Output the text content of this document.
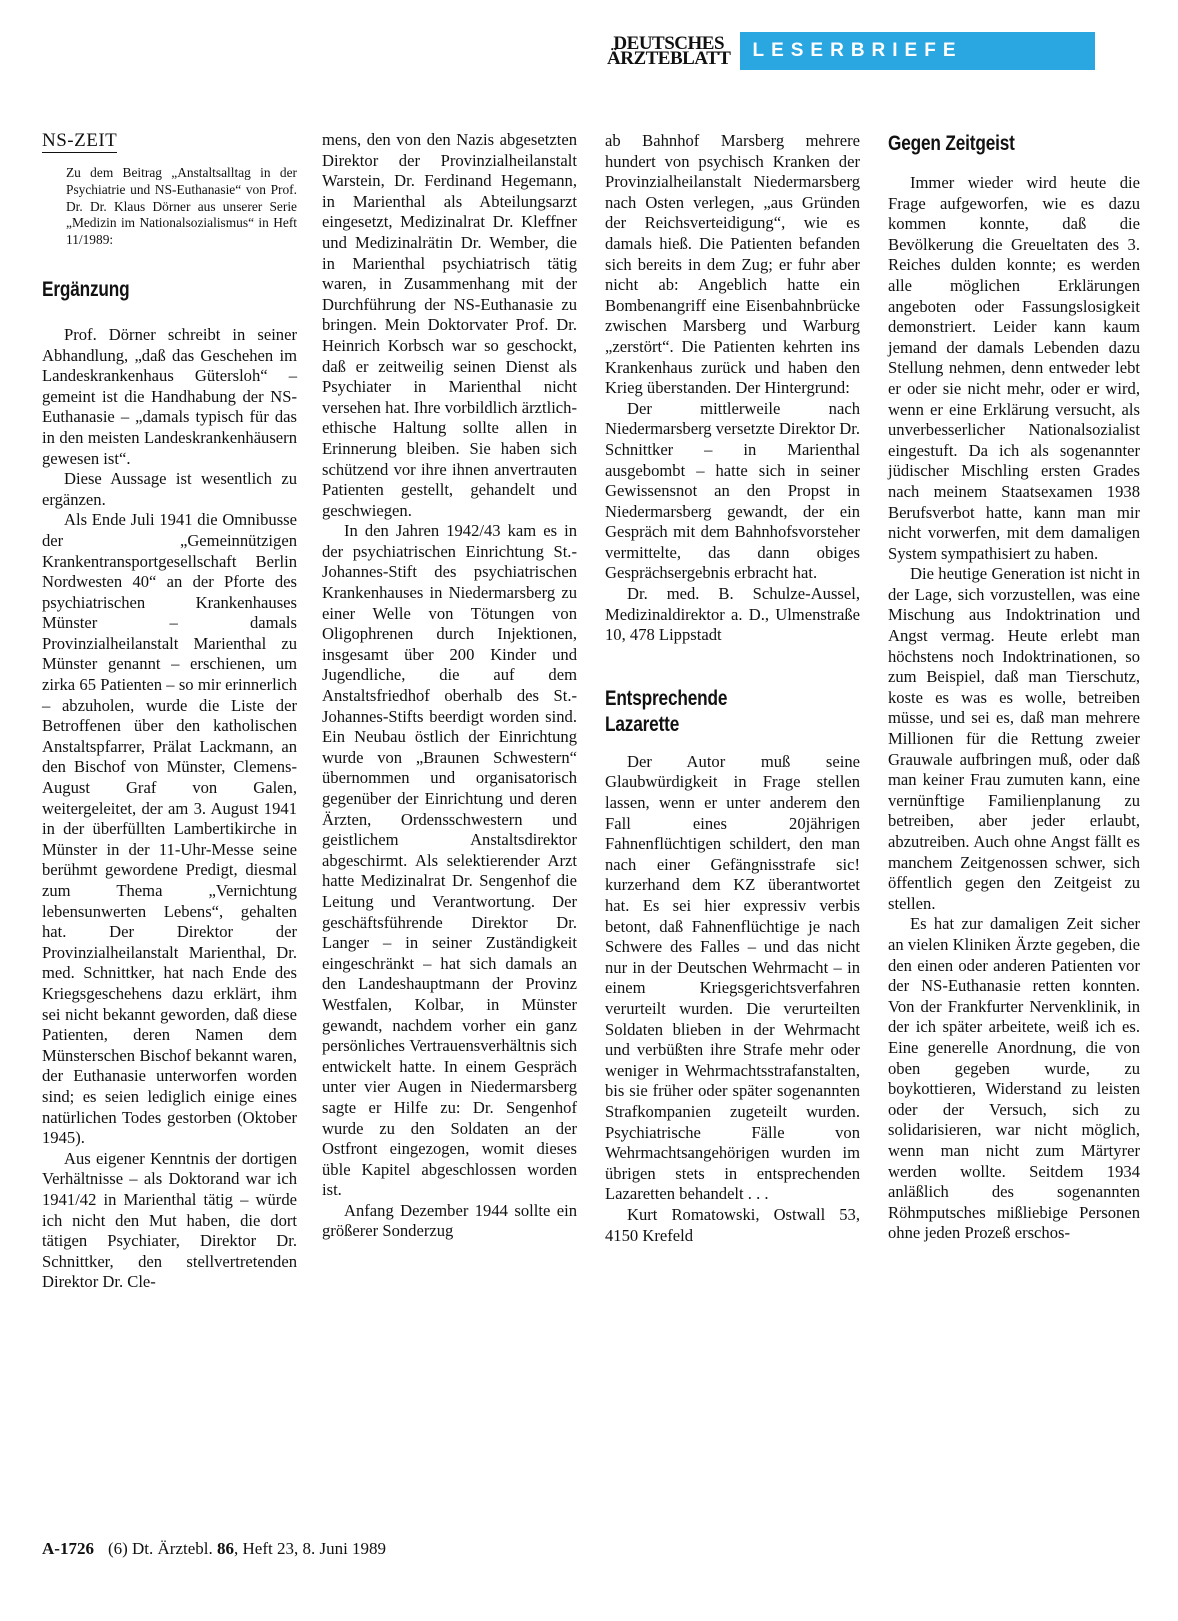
DEUTSCHES
ÄRZTEBLATT	LESERBRIEFE
NS-ZEIT
Zu dem Beitrag „Anstaltsalltag in der Psychiatrie und NS-Euthanasie“ von Prof. Dr. Dr. Klaus Dörner aus unserer Serie „Medizin im Nationalsozialismus“ in Heft 11/1989:
Ergänzung

Prof. Dörner schreibt in seiner Abhandlung, „daß das Geschehen im Landeskrankenhaus Gütersloh“ – gemeint ist die Handhabung der NS-Euthanasie – „damals typisch für das in den meisten Landeskrankenhäusern gewesen ist“.

Diese Aussage ist wesentlich zu ergänzen.

Als Ende Juli 1941 die Omnibusse der „Gemeinnützigen Krankentransportgesellschaft Berlin Nordwesten 40“ an der Pforte des psychiatrischen Krankenhauses Münster – damals Provinzialheilanstalt Marienthal zu Münster genannt – erschienen, um zirka 65 Patienten – so mir erinnerlich – abzuholen, wurde die Liste der Betroffenen über den katholischen Anstaltspfarrer, Prälat Lackmann, an den Bischof von Münster, Clemens-August Graf von Galen, weitergeleitet, der am 3. August 1941 in der überfüllten Lambertikirche in Münster in der 11-Uhr-Messe seine berühmt gewordene Predigt, diesmal zum Thema „Vernichtung lebensunwerten Lebens“, gehalten hat. Der Direktor der Provinzialheilanstalt Marienthal, Dr. med. Schnittker, hat nach Ende des Kriegsgeschehens dazu erklärt, ihm sei nicht bekannt geworden, daß diese Patienten, deren Namen dem Münsterschen Bischof bekannt waren, der Euthanasie unterworfen worden sind; es seien lediglich einige eines natürlichen Todes gestorben (Oktober 1945).

Aus eigener Kenntnis der dortigen Verhältnisse – als Doktorand war ich 1941/42 in Marienthal tätig – würde ich nicht den Mut haben, die dort tätigen Psychiater, Direktor Dr. Schnittker, den stellvertretenden Direktor Dr. Cle-

mens, den von den Nazis abgesetzten Direktor der Provinzialheilanstalt Warstein, Dr. Ferdinand Hegemann, in Marienthal als Abteilungsarzt eingesetzt, Medizinalrat Dr. Kleffner und Medizinalrätin Dr. Wember, die in Marienthal psychiatrisch tätig waren, in Zusammenhang mit der Durchführung der NS-Euthanasie zu bringen. Mein Doktorvater Prof. Dr. Heinrich Korbsch war so geschockt, daß er zeitweilig seinen Dienst als Psychiater in Marienthal nicht versehen hat. Ihre vorbildlich ärztlich-ethische Haltung sollte allen in Erinnerung bleiben. Sie haben sich schützend vor ihre ihnen anvertrauten Patienten gestellt, gehandelt und geschwiegen.

In den Jahren 1942/43 kam es in der psychiatrischen Einrichtung St.-Johannes-Stift des psychiatrischen Krankenhauses in Niedermarsberg zu einer Welle von Tötungen von Oligophrenen durch Injektionen, insgesamt über 200 Kinder und Jugendliche, die auf dem Anstaltsfriedhof oberhalb des St.-Johannes-Stifts beerdigt worden sind. Ein Neubau östlich der Einrichtung wurde von „Braunen Schwestern“ übernommen und organisatorisch gegenüber der Einrichtung und deren Ärzten, Ordensschwestern und geistlichem Anstaltsdirektor abgeschirmt. Als selektierender Arzt hatte Medizinalrat Dr. Sengenhof die Leitung und Verantwortung. Der geschäftsführende Direktor Dr. Langer – in seiner Zuständigkeit eingeschränkt – hat sich damals an den Landeshauptmann der Provinz Westfalen, Kolbar, in Münster gewandt, nachdem vorher ein ganz persönliches Vertrauensverhältnis sich entwickelt hatte. In einem Gespräch unter vier Augen in Niedermarsberg sagte er Hilfe zu: Dr. Sengenhof wurde zu den Soldaten an der Ostfront eingezogen, womit dieses üble Kapitel abgeschlossen worden ist.

Anfang Dezember 1944 sollte ein größerer Sonderzug

ab Bahnhof Marsberg mehrere hundert von psychisch Kranken der Provinzialheilanstalt Niedermarsberg nach Osten verlegen, „aus Gründen der Reichsverteidigung“, wie es damals hieß. Die Patienten befanden sich bereits in dem Zug; er fuhr aber nicht ab: Angeblich hatte ein Bombenangriff eine Eisenbahnbrücke zwischen Marsberg und Warburg „zerstört“. Die Patienten kehrten ins Krankenhaus zurück und haben den Krieg überstanden. Der Hintergrund:

Der mittlerweile nach Niedermarsberg versetzte Direktor Dr. Schnittker – in Marienthal ausgebombt – hatte sich in seiner Gewissensnot an den Propst in Niedermarsberg gewandt, der ein Gespräch mit dem Bahnhofsvorsteher vermittelte, das dann obiges Gesprächsergebnis erbracht hat.

Dr. med. B. Schulze-Aussel, Medizinaldirektor a. D., Ulmenstraße 10, 478 Lippstadt

Entsprechende
Lazarette

Der Autor muß seine Glaubwürdigkeit in Frage stellen lassen, wenn er unter anderem den Fall eines 20jährigen Fahnenflüchtigen schildert, den man nach einer Gefängnisstrafe sic! kurzerhand dem KZ überantwortet hat. Es sei hier expressiv verbis betont, daß Fahnenflüchtige je nach Schwere des Falles – und das nicht nur in der Deutschen Wehrmacht – in einem Kriegsgerichtsverfahren verurteilt wurden. Die verurteilten Soldaten blieben in der Wehrmacht und verbüßten ihre Strafe mehr oder weniger in Wehrmachtsstrafanstalten, bis sie früher oder später sogenannten Strafkompanien zugeteilt wurden. Psychiatrische Fälle von Wehrmachtsangehörigen wurden im übrigen stets in entsprechenden Lazaretten behandelt . . .

Kurt Romatowski, Ostwall 53, 4150 Krefeld

Gegen Zeitgeist

Immer wieder wird heute die Frage aufgeworfen, wie es dazu kommen konnte, daß die Bevölkerung die Greueltaten des 3. Reiches dulden konnte; es werden alle möglichen Erklärungen angeboten oder Fassungslosigkeit demonstriert. Leider kann kaum jemand der damals Lebenden dazu Stellung nehmen, denn entweder lebt er oder sie nicht mehr, oder er wird, wenn er eine Erklärung versucht, als unverbesserlicher Nationalsozialist eingestuft. Da ich als sogenannter jüdischer Mischling ersten Grades nach meinem Staatsexamen 1938 Berufsverbot hatte, kann man mir nicht vorwerfen, mit dem damaligen System sympathisiert zu haben.

Die heutige Generation ist nicht in der Lage, sich vorzustellen, was eine Mischung aus Indoktrination und Angst vermag. Heute erlebt man höchstens noch Indoktrinationen, so zum Beispiel, daß man Tierschutz, koste es was es wolle, betreiben müsse, und sei es, daß man mehrere Millionen für die Rettung zweier Grauwale aufbringen muß, oder daß man keiner Frau zumuten kann, eine vernünftige Familienplanung zu betreiben, aber jeder erlaubt, abzutreiben. Auch ohne Angst fällt es manchem Zeitgenossen schwer, sich öffentlich gegen den Zeitgeist zu stellen.

Es hat zur damaligen Zeit sicher an vielen Kliniken Ärzte gegeben, die den einen oder anderen Patienten vor der NS-Euthanasie retten konnten. Von der Frankfurter Nervenklinik, in der ich später arbeitete, weiß ich es. Eine generelle Anordnung, die von oben gegeben wurde, zu boykottieren, Widerstand zu leisten oder der Versuch, sich zu solidarisieren, war nicht möglich, wenn man nicht zum Märtyrer werden wollte. Seitdem 1934 anläßlich des sogenannten Röhmputsches mißliebige Personen ohne jeden Prozeß erschos-

A-1726 (6) Dt. Ärztebl. 86, Heft 23, 8. Juni 1989
